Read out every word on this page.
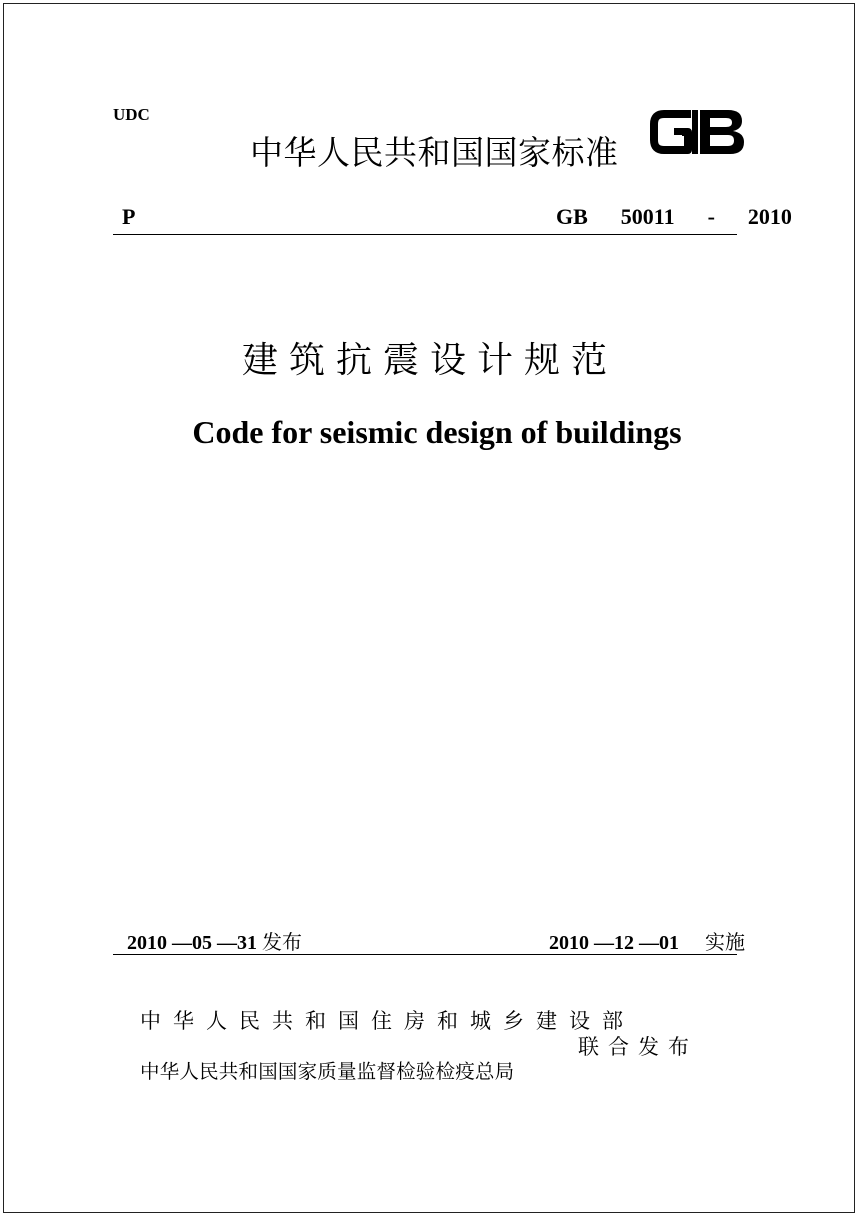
UDC
中华人民共和国国家标准
P	GB 50011 - 2010
建筑抗震设计规范
Code for seismic design of buildings
2010 —05 —31 发布	2010 —12 —01 实施
中华人民共和国住房和城乡建设部
联合发布
中华人民共和国国家质量监督检验检疫总局
